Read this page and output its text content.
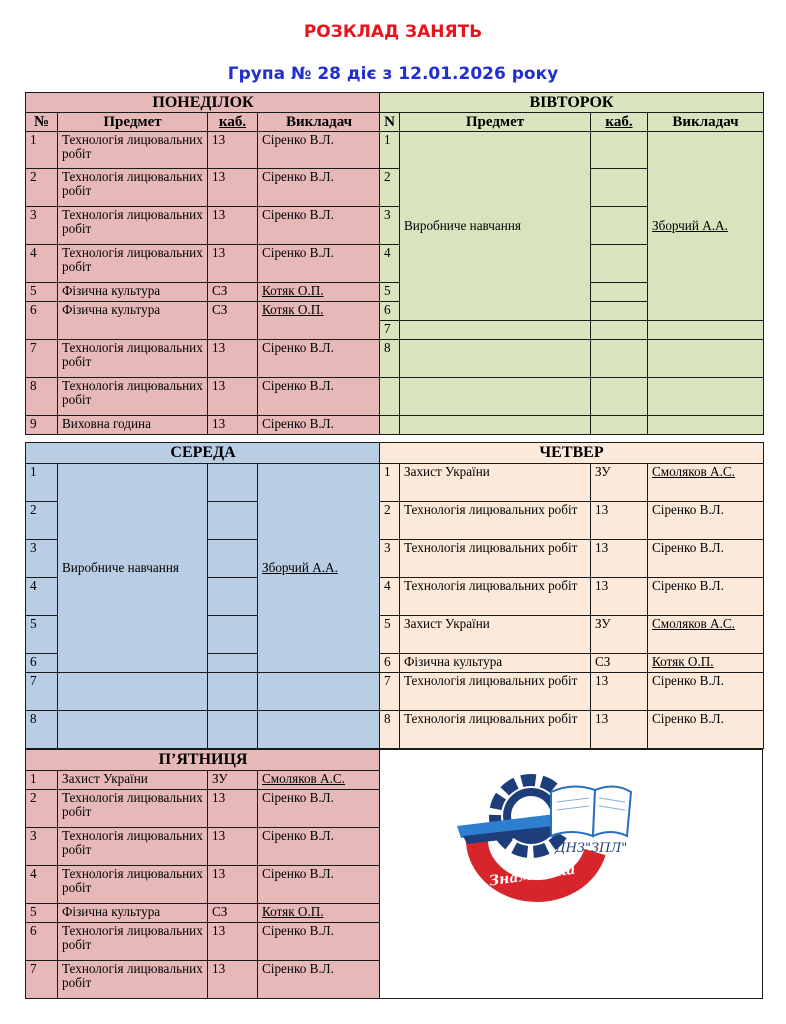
РОЗКЛАД ЗАНЯТЬ
Група № 28 діє з 12.01.2026 року
ПОНЕДІЛОК			
№	Предмет	каб.	Викладач
1	Технологія лицювальних робіт	13	Сіренко В.Л.
2	Технологія лицювальних робіт	13	Сіренко В.Л.
3	Технологія лицювальних робіт	13	Сіренко В.Л.
4	Технологія лицювальних робіт	13	Сіренко В.Л.
5	Фізична культура	СЗ	Котяк О.П.
6	Фізична культура	СЗ	Котяк О.П.
7	Технологія лицювальних робіт	13	Сіренко В.Л.
8	Технологія лицювальних робіт	13	Сіренко В.Л.
9	Виховна година	13	Сіренко В.Л.
ВІВТОРОК			
N	Предмет	каб.	Викладач
1	Виробниче навчання		Зборчий А.А.
2			
3			
4			
5			
6			
7			
8			

СЕРЕДА			
1	Виробниче навчання		Зборчий А.А.
2			
3			
4			
5			
6			
7			
8			
ЧЕТВЕР			
1	Захист України	ЗУ	Смоляков А.С.
2	Технологія лицювальних робіт	13	Сіренко В.Л.
3	Технологія лицювальних робіт	13	Сіренко В.Л.
4	Технологія лицювальних робіт	13	Сіренко В.Л.
5	Захист України	ЗУ	Смоляков А.С.
6	Фізична культура	СЗ	Котяк О.П.
7	Технологія лицювальних робіт	13	Сіренко В.Л.
8	Технологія лицювальних робіт	13	Сіренко В.Л.
П’ЯТНИЦЯ			
1	Захист України	ЗУ	Смоляков А.С.
2	Технологія лицювальних робіт	13	Сіренко В.Л.
3	Технологія лицювальних робіт	13	Сіренко В.Л.
4	Технологія лицювальних робіт	13	Сіренко В.Л.
5	Фізична культура	СЗ	Котяк О.П.
6	Технологія лицювальних робіт	13	Сіренко В.Л.
7	Технологія лицювальних робіт	13	Сіренко В.Л.
ДНЗ"ЗПЛ"
Знам'янка
